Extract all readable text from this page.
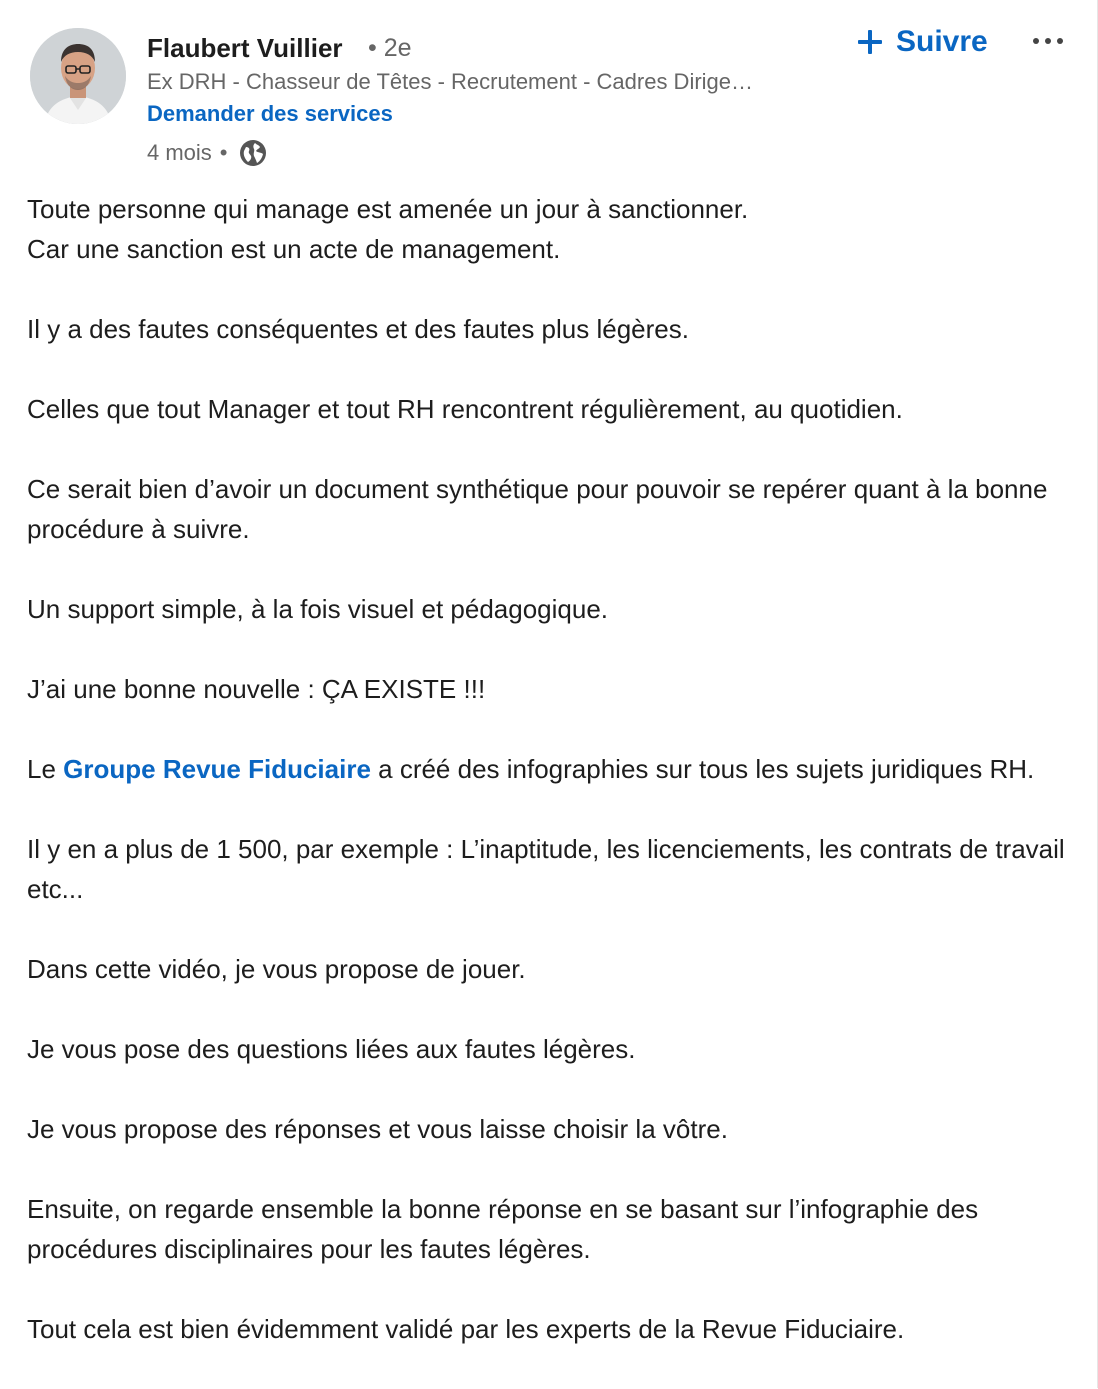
Flaubert Vuillier • 2e
Ex DRH - Chasseur de Têtes - Recrutement - Cadres Dirige…
Demander des services
4 mois •
Suivre

Toute personne qui manage est amenée un jour à sanctionner.
Car une sanction est un acte de management.

Il y a des fautes conséquentes et des fautes plus légères.

Celles que tout Manager et tout RH rencontrent régulièrement, au quotidien.

Ce serait bien d’avoir un document synthétique pour pouvoir se repérer quant à la bonne procédure à suivre.

Un support simple, à la fois visuel et pédagogique.

J’ai une bonne nouvelle : ÇA EXISTE !!!

Le Groupe Revue Fiduciaire a créé des infographies sur tous les sujets juridiques RH.

Il y en a plus de 1 500, par exemple : L’inaptitude, les licenciements, les contrats de travail etc...

Dans cette vidéo, je vous propose de jouer.

Je vous pose des questions liées aux fautes légères.

Je vous propose des réponses et vous laisse choisir la vôtre.

Ensuite, on regarde ensemble la bonne réponse en se basant sur l’infographie des procédures disciplinaires pour les fautes légères.

Tout cela est bien évidemment validé par les experts de la Revue Fiduciaire.
